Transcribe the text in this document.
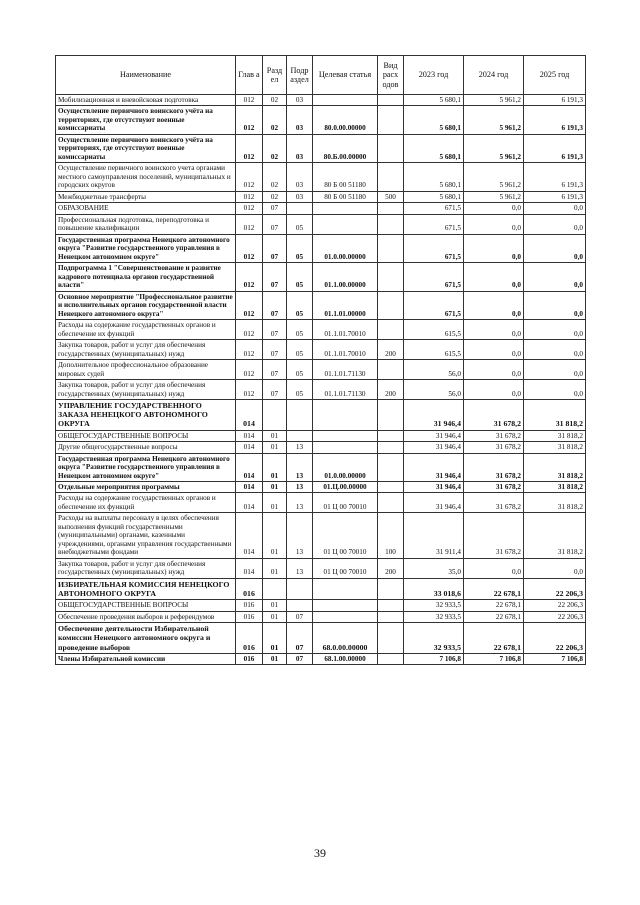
Наименование	Глав а	Разд ел	Подр аздел	Целевая статья	Вид расх одов	2023 год	2024 год	2025 год
Мобилизационная и вневойсковая подготовка	012	02	03			5 680,1	5 961,2	6 191,3
Осуществление первичного воинского учёта на территориях, где отсутствуют военные комиссариаты	012	02	03	80.0.00.00000		5 680,1	5 961,2	6 191,3
Осуществление первичного воинского учёта на территориях, где отсутствуют военные комиссариаты	012	02	03	80.Б.00.00000		5 680,1	5 961,2	6 191,3
Осуществление первичного воинского учета органами местного самоуправления поселений, муниципальных и городских округов	012	02	03	80 Б 00 51180		5 680,1	5 961,2	6 191,3
Межбюджетные трансферты	012	02	03	80 Б 00 51180	500	5 680,1	5 961,2	6 191,3
ОБРАЗОВАНИЕ	012	07				671,5	0,0	0,0
Профессиональная подготовка, переподготовка и повышение квалификации	012	07	05			671,5	0,0	0,0
Государственная программа Ненецкого автономного округа "Развитие государственного управления в Ненецком автономном округе"	012	07	05	01.0.00.00000		671,5	0,0	0,0
Подпрограмма 1 "Совершенствование и развитие кадрового потенциала органов государственной власти"	012	07	05	01.1.00.00000		671,5	0,0	0,0
Основное мероприятие "Профессиональное развитие и исполнительных органов государственной власти Ненецкого автономного округа"	012	07	05	01.1.01.00000		671,5	0,0	0,0
Расходы на содержание государственных органов и обеспечение их функций	012	07	05	01.1.01.70010		615,5	0,0	0,0
Закупка товаров, работ и услуг для обеспечения государственных (муниципальных) нужд	012	07	05	01.1.01.70010	200	615,5	0,0	0,0
Дополнительное профессиональное образование мировых судей	012	07	05	01.1.01.71130		56,0	0,0	0,0
Закупка товаров, работ и услуг для обеспечения государственных (муниципальных) нужд	012	07	05	01.1.01.71130	200	56,0	0,0	0,0
УПРАВЛЕНИЕ ГОСУДАРСТВЕННОГО ЗАКАЗА НЕНЕЦКОГО АВТОНОМНОГО ОКРУГА	014					31 946,4	31 678,2	31 818,2
ОБЩЕГОСУДАРСТВЕННЫЕ ВОПРОСЫ	014	01				31 946,4	31 678,2	31 818,2
Другие общегосударственные вопросы	014	01	13			31 946,4	31 678,2	31 818,2
Государственная программа Ненецкого автономного округа "Развитие государственного управления в Ненецком автономном округе"	014	01	13	01.0.00.00000		31 946,4	31 678,2	31 818,2
Отдельные мероприятия программы	014	01	13	01.Ц.00.00000		31 946,4	31 678,2	31 818,2
Расходы на содержание государственных органов и обеспечение их функций	014	01	13	01 Ц 00 70010		31 946,4	31 678,2	31 818,2
Расходы на выплаты персоналу в целях обеспечения выполнения функций государственными (муниципальными) органами, казенными учреждениями, органами управления государственными внебюджетными фондами	014	01	13	01 Ц 00 70010	100	31 911,4	31 678,2	31 818,2
Закупка товаров, работ и услуг для обеспечения государственных (муниципальных) нужд	014	01	13	01 Ц 00 70010	200	35,0	0,0	0,0
ИЗБИРАТЕЛЬНАЯ КОМИССИЯ НЕНЕЦКОГО АВТОНОМНОГО ОКРУГА	016					33 018,6	22 678,1	22 206,3
ОБЩЕГОСУДАРСТВЕННЫЕ ВОПРОСЫ	016	01				32 933,5	22 678,1	22 206,3
Обеспечение проведения выборов и референдумов	016	01	07			32 933,5	22 678,1	22 206,3
Обеспечение деятельности Избирательной комиссии Ненецкого автономного округа и проведение выборов	016	01	07	68.0.00.00000		32 933,5	22 678,1	22 206,3
Члены Избирательной комиссии	016	01	07	68.1.00.00000		7 106,8	7 106,8	7 106,8
39
